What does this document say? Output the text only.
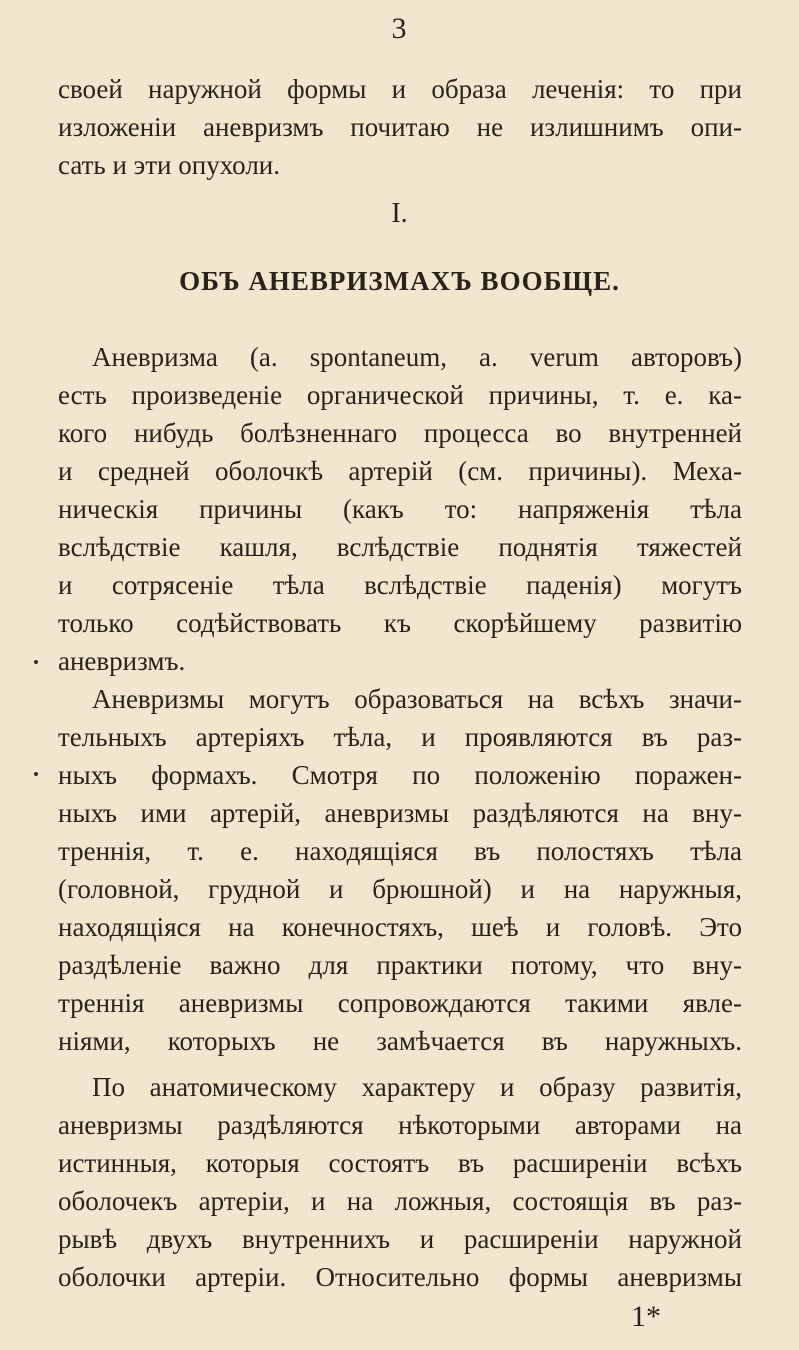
3
своей наружной формы и образа леченія: то при
изложеніи аневризмъ почитаю не излишнимъ опи-
сать и эти опухоли.
I.
ОБЪ АНЕВРИЗМАХЪ ВООБЩЕ.
Аневризма (a. spontaneum, a. verum авторовъ)
есть произведеніе органической причины, т. е. ка-
кого нибудь болѣзненнаго процесса во внутренней
и средней оболочкѣ артерій (см. причины). Меха-
ническія причины (какъ то: напряженія тѣла
вслѣдствіе кашля, вслѣдствіе поднятія тяжестей
и сотрясеніе тѣла вслѣдствіе паденія) могутъ
только содѣйствовать къ скорѣйшему развитію
аневризмъ.
Аневризмы могутъ образоваться на всѣхъ значи-
тельныхъ артеріяхъ тѣла, и проявляются въ раз-
ныхъ формахъ. Смотря по положенію поражен-
ныхъ ими артерій, аневризмы раздѣляются на вну-
треннія, т. е. находящіяся въ полостяхъ тѣла
(головной, грудной и брюшной) и на наружныя,
находящіяся на конечностяхъ, шеѣ и головѣ. Это
раздѣленіе важно для практики потому, что вну-
треннія аневризмы сопровождаются такими явле-
ніями, которыхъ не замѣчается въ наружныхъ.
По анатомическому характеру и образу развитія,
аневризмы раздѣляются нѣкоторыми авторами на
истинныя, которыя состоятъ въ расширеніи всѣхъ
оболочекъ артеріи, и на ложныя, состоящія въ раз-
рывѣ двухъ внутреннихъ и расширеніи наружной
оболочки артеріи. Относительно формы аневризмы
1*
